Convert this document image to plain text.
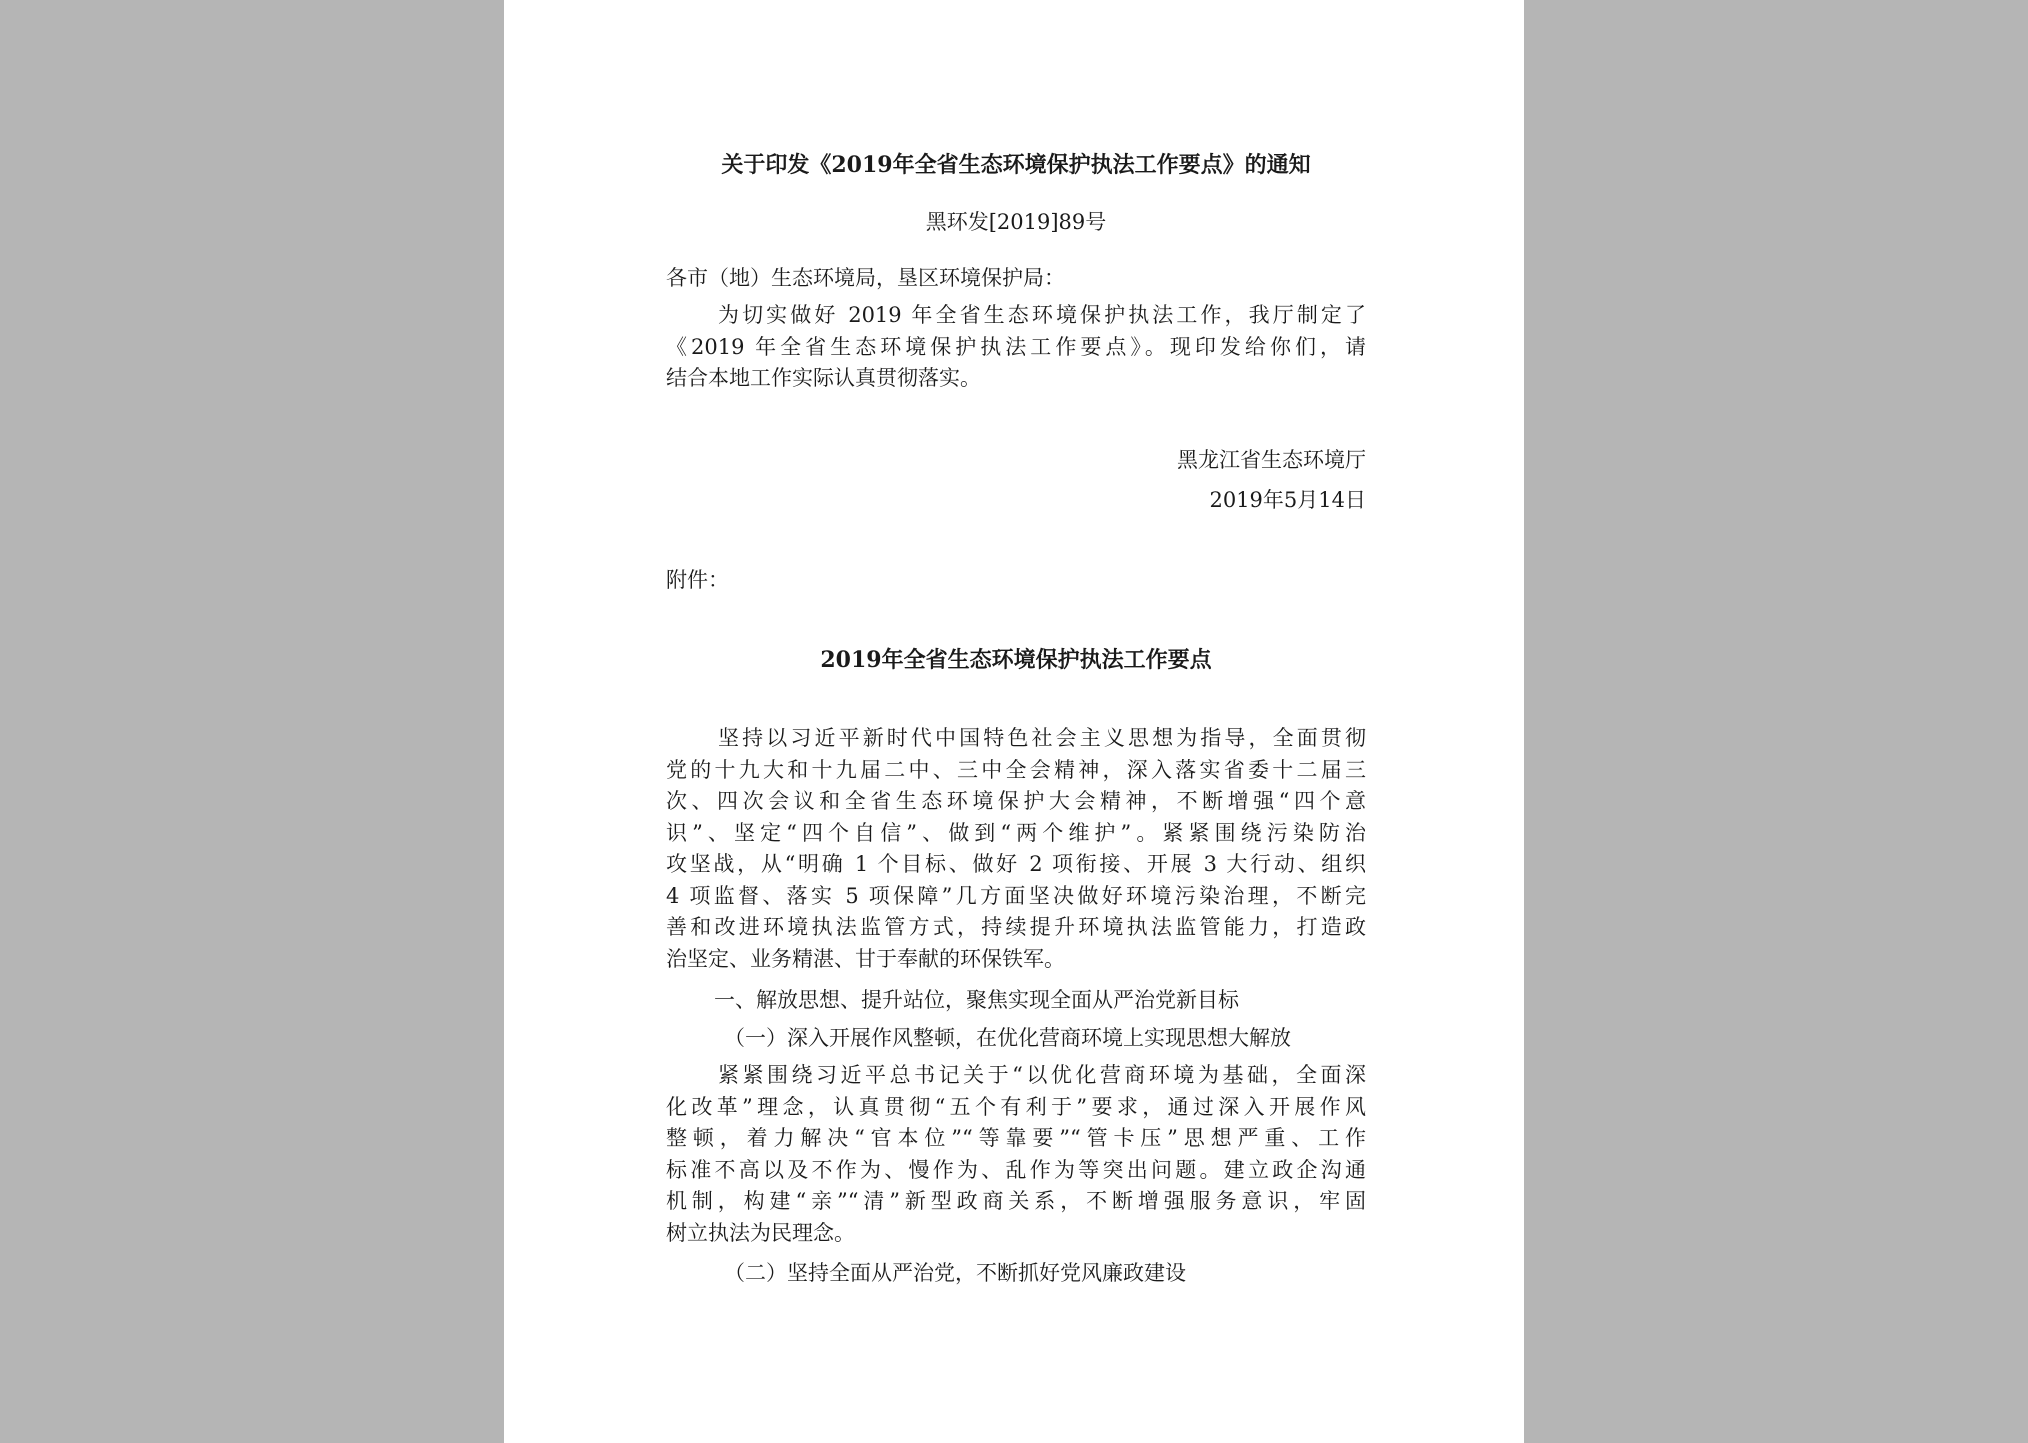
关于印发《2019年全省生态环境保护执法工作要点》的通知
黑环发[2019]89号
各市（地）生态环境局，垦区环境保护局：
为切实做好 2019 年全省生态环境保护执法工作，我厅制定了
《2019 年全省生态环境保护执法工作要点》。现印发给你们，请
结合本地工作实际认真贯彻落实。
黑龙江省生态环境厅
2019年5月14日
附件：
2019年全省生态环境保护执法工作要点
坚持以习近平新时代中国特色社会主义思想为指导，全面贯彻
党的十九大和十九届二中、三中全会精神，深入落实省委十二届三
次、四次会议和全省生态环境保护大会精神，不断增强“四个意
识”、坚定“四个自信”、做到“两个维护”。紧紧围绕污染防治
攻坚战，从“明确 1 个目标、做好 2 项衔接、开展 3 大行动、组织
4 项监督、落实 5 项保障”几方面坚决做好环境污染治理，不断完
善和改进环境执法监管方式，持续提升环境执法监管能力，打造政
治坚定、业务精湛、甘于奉献的环保铁军。
一、解放思想、提升站位，聚焦实现全面从严治党新目标
（一）深入开展作风整顿，在优化营商环境上实现思想大解放
紧紧围绕习近平总书记关于“以优化营商环境为基础，全面深
化改革”理念，认真贯彻“五个有利于”要求，通过深入开展作风
整顿，着力解决“官本位”“等靠要”“管卡压”思想严重、工作
标准不高以及不作为、慢作为、乱作为等突出问题。建立政企沟通
机制，构建“亲”“清”新型政商关系，不断增强服务意识，牢固
树立执法为民理念。
（二）坚持全面从严治党，不断抓好党风廉政建设
